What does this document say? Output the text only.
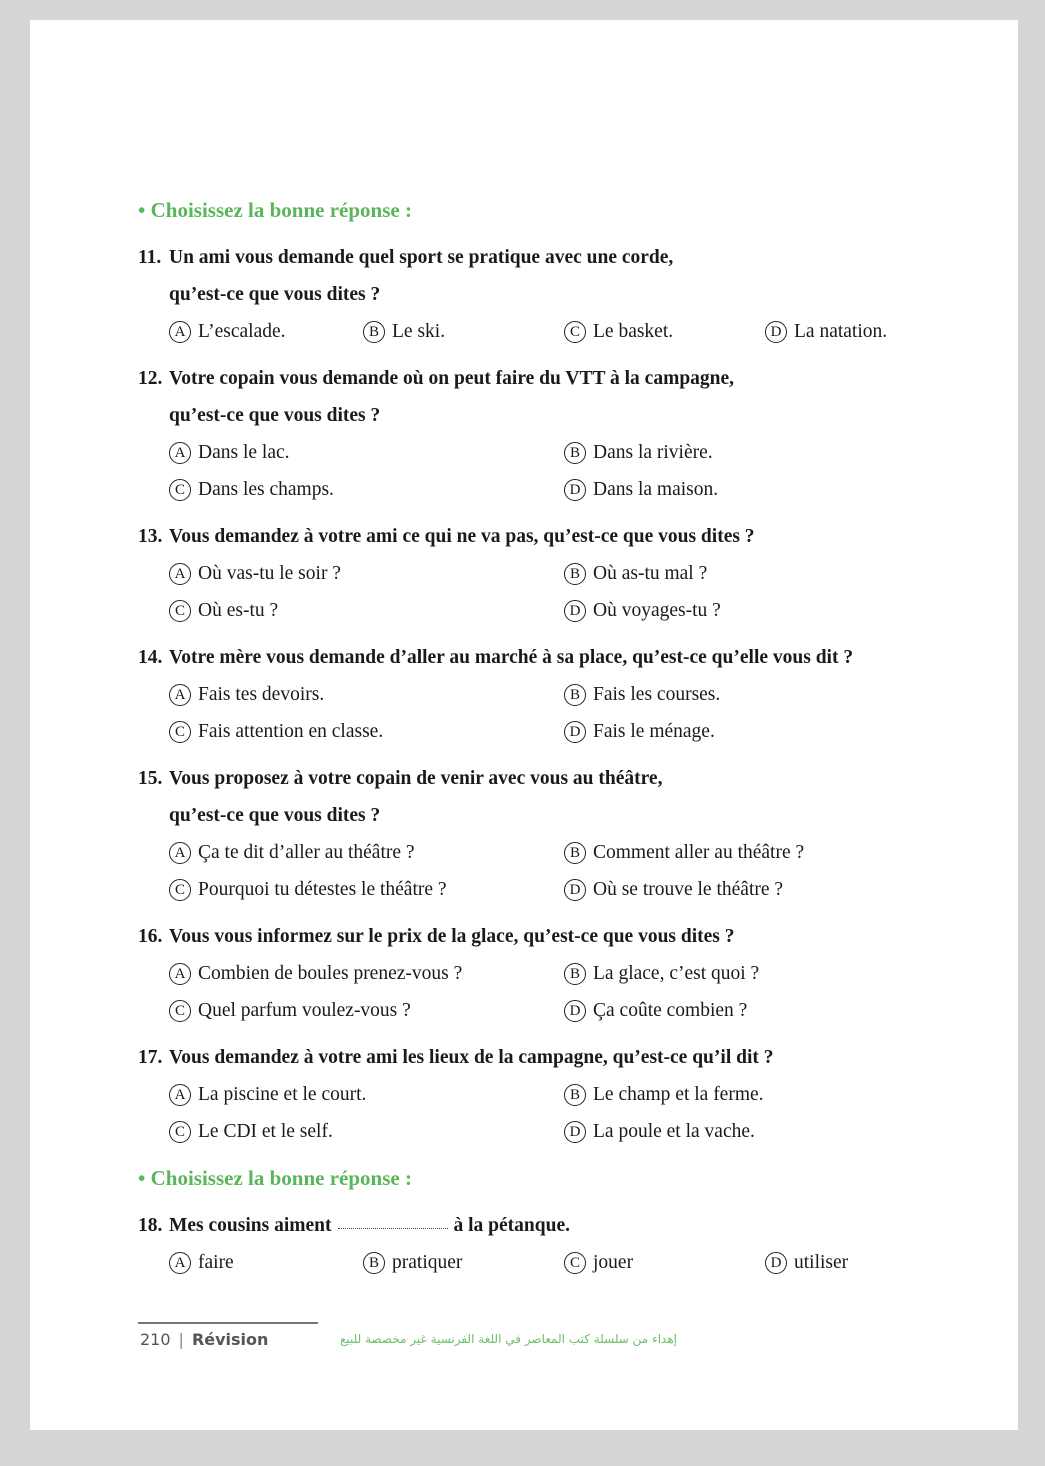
• Choisissez la bonne réponse :
11. Un ami vous demande quel sport se pratique avec une corde,
qu’est-ce que vous dites ?
A L’escalade.	B Le ski.	C Le basket.	D La natation.
12. Votre copain vous demande où on peut faire du VTT à la campagne,
qu’est-ce que vous dites ?
A Dans le lac.	B Dans la rivière.
C Dans les champs.	D Dans la maison.
13. Vous demandez à votre ami ce qui ne va pas, qu’est-ce que vous dites ?
A Où vas-tu le soir ?	B Où as-tu mal ?
C Où es-tu ?	D Où voyages-tu ?
14. Votre mère vous demande d’aller au marché à sa place, qu’est-ce qu’elle vous dit ?
A Fais tes devoirs.	B Fais les courses.
C Fais attention en classe.	D Fais le ménage.
15. Vous proposez à votre copain de venir avec vous au théâtre,
qu’est-ce que vous dites ?
A Ça te dit d’aller au théâtre ?	B Comment aller au théâtre ?
C Pourquoi tu détestes le théâtre ?	D Où se trouve le théâtre ?
16. Vous vous informez sur le prix de la glace, qu’est-ce que vous dites ?
A Combien de boules prenez-vous ?	B La glace, c’est quoi ?
C Quel parfum voulez-vous ?	D Ça coûte combien ?
17. Vous demandez à votre ami les lieux de la campagne, qu’est-ce qu’il dit ?
A La piscine et le court.	B Le champ et la ferme.
C Le CDI et le self.	D La poule et la vache.
• Choisissez la bonne réponse :
18. Mes cousins aiment	à la pétanque.
A faire	B pratiquer	C jouer	D utiliser
210 | Révision	إهداء من سلسلة كتب المعاصر في اللغة الفرنسية غير مخصصة للبيع
